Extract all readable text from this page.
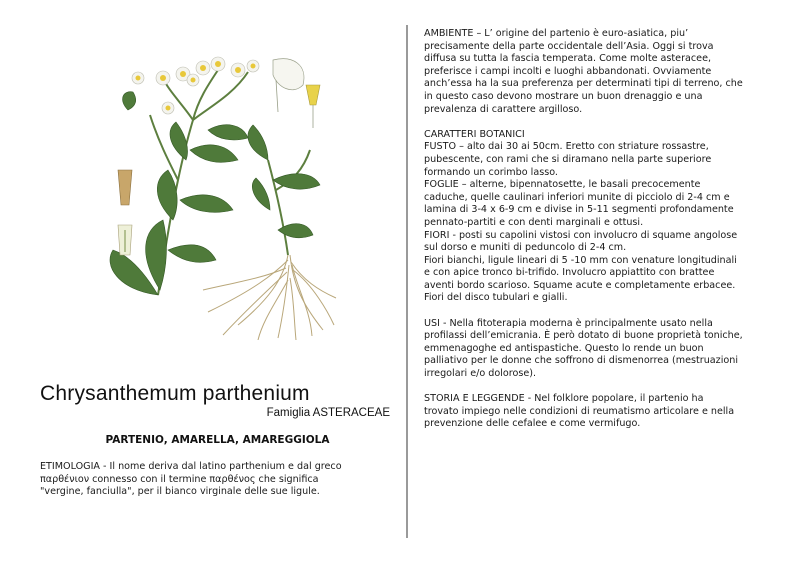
Chrysanthemum parthenium
Famiglia ASTERACEAE
PARTENIO, AMARELLA, AMAREGGIOLA
ETIMOLOGIA - Il nome deriva dal latino parthenium e dal greco
παρθένιον connesso con il termine παρθένος che significa
"vergine, fanciulla", per il bianco virginale delle sue ligule.

AMBIENTE – L’ origine del partenio è euro-asiatica, piu’

precisamente della parte occidentale dell’Asia. Oggi si trova

diffusa su tutta la fascia temperata. Come molte asteracee,

preferisce i campi incolti e luoghi abbandonati. Ovviamente

anch’essa ha la sua preferenza per determinati tipi di terreno, che

in questo caso devono mostrare un buon drenaggio e una

prevalenza di carattere argilloso.

CARATTERI BOTANICI

FUSTO – alto dai 30 ai 50cm. Eretto con striature rossastre,

pubescente, con rami che si diramano nella parte superiore

formando un corimbo lasso.

FOGLIE – alterne, bipennatosette, le basali precocemente

caduche, quelle caulinari inferiori munite di picciolo di 2-4 cm e

lamina di 3-4 x 6-9 cm e divise in 5-11 segmenti profondamente

pennato-partiti e con denti marginali e ottusi.

FIORI - posti su capolini vistosi con involucro di squame angolose

sul dorso e muniti di peduncolo di 2-4 cm.

Fiori bianchi, ligule lineari di 5 -10 mm con venature longitudinali

e con apice tronco bi-trifido. Involucro appiattito con brattee

aventi bordo scarioso. Squame acute e completamente erbacee.

Fiori del disco tubulari e gialli.

USI - Nella fitoterapia moderna è principalmente usato nella

profilassi dell’emicrania. È però dotato di buone proprietà toniche,

emmenagoghe ed antispastiche. Questo lo rende un buon

palliativo per le donne che soffrono di dismenorrea (mestruazioni

irregolari e/o dolorose).

STORIA E LEGGENDE - Nel folklore popolare, il partenio ha

trovato impiego nelle condizioni di reumatismo articolare e nella

prevenzione delle cefalee e come vermifugo.
